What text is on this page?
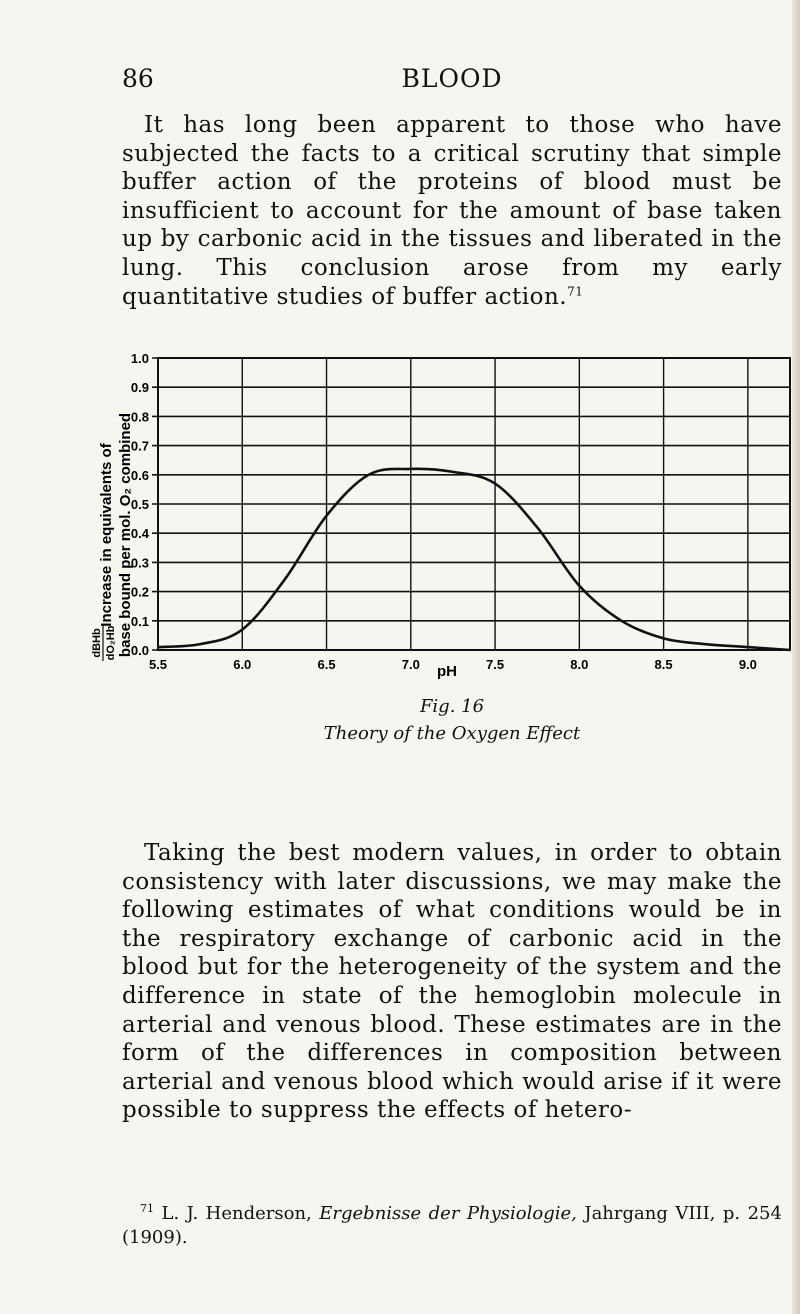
86	BLOOD

It has long been apparent to those who have subjected the facts to a critical scrutiny that simple buffer action of the proteins of blood must be insufficient to account for the amount of base taken up by carbonic acid in the tissues and liberated in the lung. This conclusion arose from my early quantitative studies of buffer action.$^{71}$

0.0
0.1
0.2
0.3
0.4
0.5
0.6
0.7
0.8
0.9
1.0
5.5	6.0	6.5	7.0	7.5	8.0	8.5	9.0
pH
Increase in equivalents of base bound per mol. O₂ combined
dBHb dO₂Hb
Fig. 16
Theory of the Oxygen Effect

Taking the best modern values, in order to obtain consistency with later discussions, we may make the following estimates of what conditions would be in the respiratory exchange of carbonic acid in the blood but for the heterogeneity of the system and the difference in state of the hemoglobin molecule in arterial and venous blood. These estimates are in the form of the differences in composition between arterial and venous blood which would arise if it were possible to suppress the effects of hetero-

$^{71}$ L. J. Henderson, Ergebnisse der Physiologie, Jahrgang VIII, p. 254 (1909).
